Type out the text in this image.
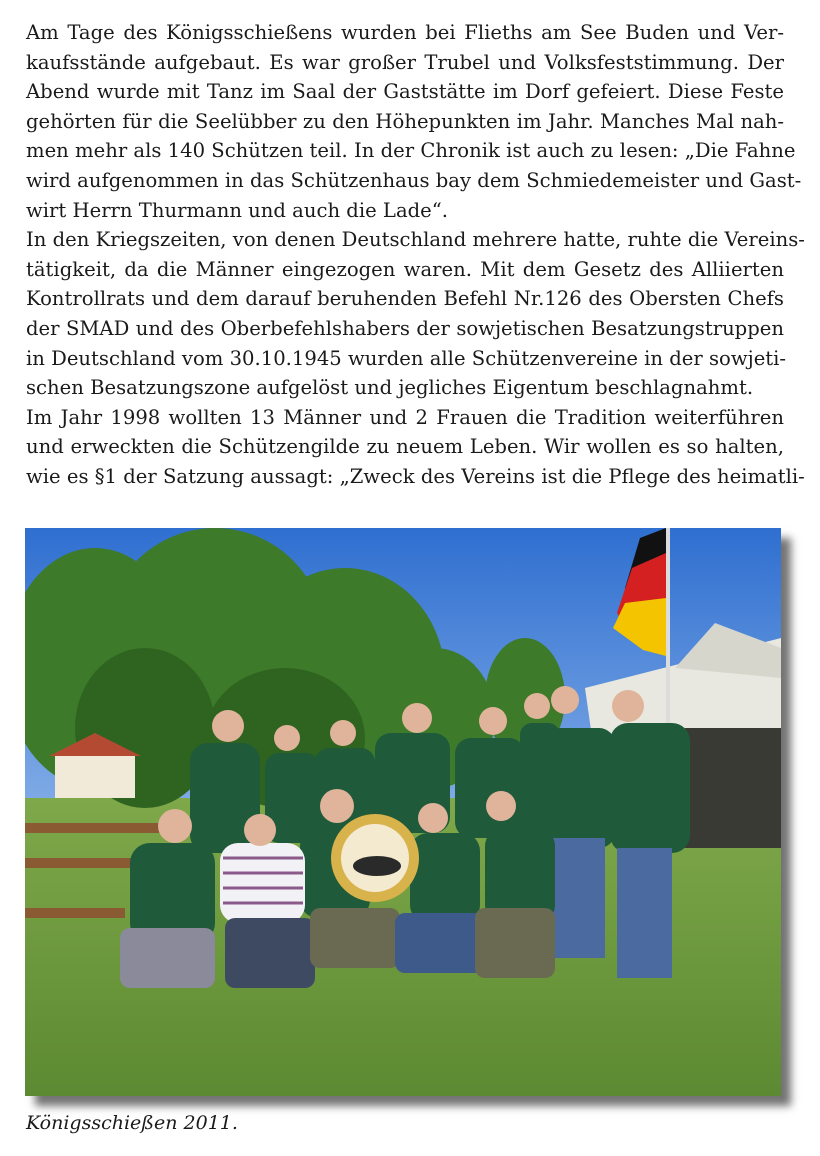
Am Tage des Königsschießens wurden bei Flieths am See Buden und Ver-
kaufsstände aufgebaut. Es war großer Trubel und Volksfeststimmung. Der
Abend wurde mit Tanz im Saal der Gaststätte im Dorf gefeiert. Diese Feste
gehörten für die Seelübber zu den Höhepunkten im Jahr. Manches Mal nah-
men mehr als 140 Schützen teil. In der Chronik ist auch zu lesen: „Die Fahne
wird aufgenommen in das Schützenhaus bay dem Schmiedemeister und Gast-
wirt Herrn Thurmann und auch die Lade“.

In den Kriegszeiten, von denen Deutschland mehrere hatte, ruhte die Vereins-
tätigkeit, da die Männer eingezogen waren. Mit dem Gesetz des Alliierten
Kontrollrats und dem darauf beruhenden Befehl Nr.126 des Obersten Chefs
der SMAD und des Oberbefehlshabers der sowjetischen Besatzungstruppen
in Deutschland vom 30.10.1945 wurden alle Schützenvereine in der sowjeti-
schen Besatzungszone aufgelöst und jegliches Eigentum beschlagnahmt.

Im Jahr 1998 wollten 13 Männer und 2 Frauen die Tradition weiterführen
und erweckten die Schützengilde zu neuem Leben. Wir wollen es so halten,
wie es §1 der Satzung aussagt: „Zweck des Vereins ist die Pflege des heimatli-

Königsschießen 2011.
